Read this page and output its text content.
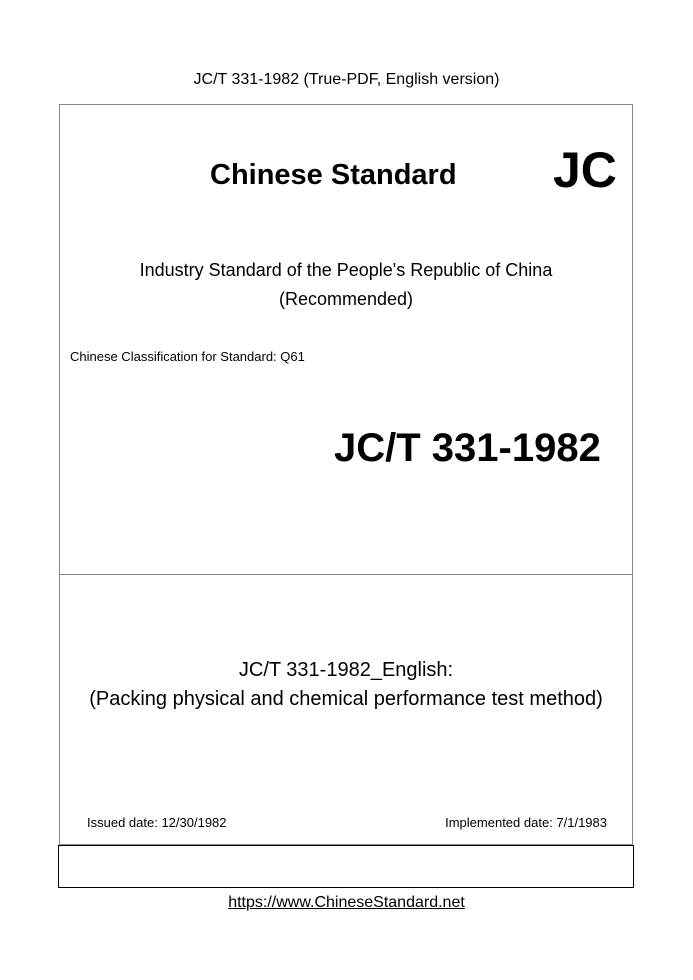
JC/T 331-1982 (True-PDF, English version)
Chinese Standard JC
Industry Standard of the People's Republic of China
(Recommended)
Chinese Classification for Standard: Q61
JC/T 331-1982
JC/T 331-1982_English:
(Packing physical and chemical performance test method)
Issued date: 12/30/1982	Implemented date: 7/1/1983
https://www.ChineseStandard.net
